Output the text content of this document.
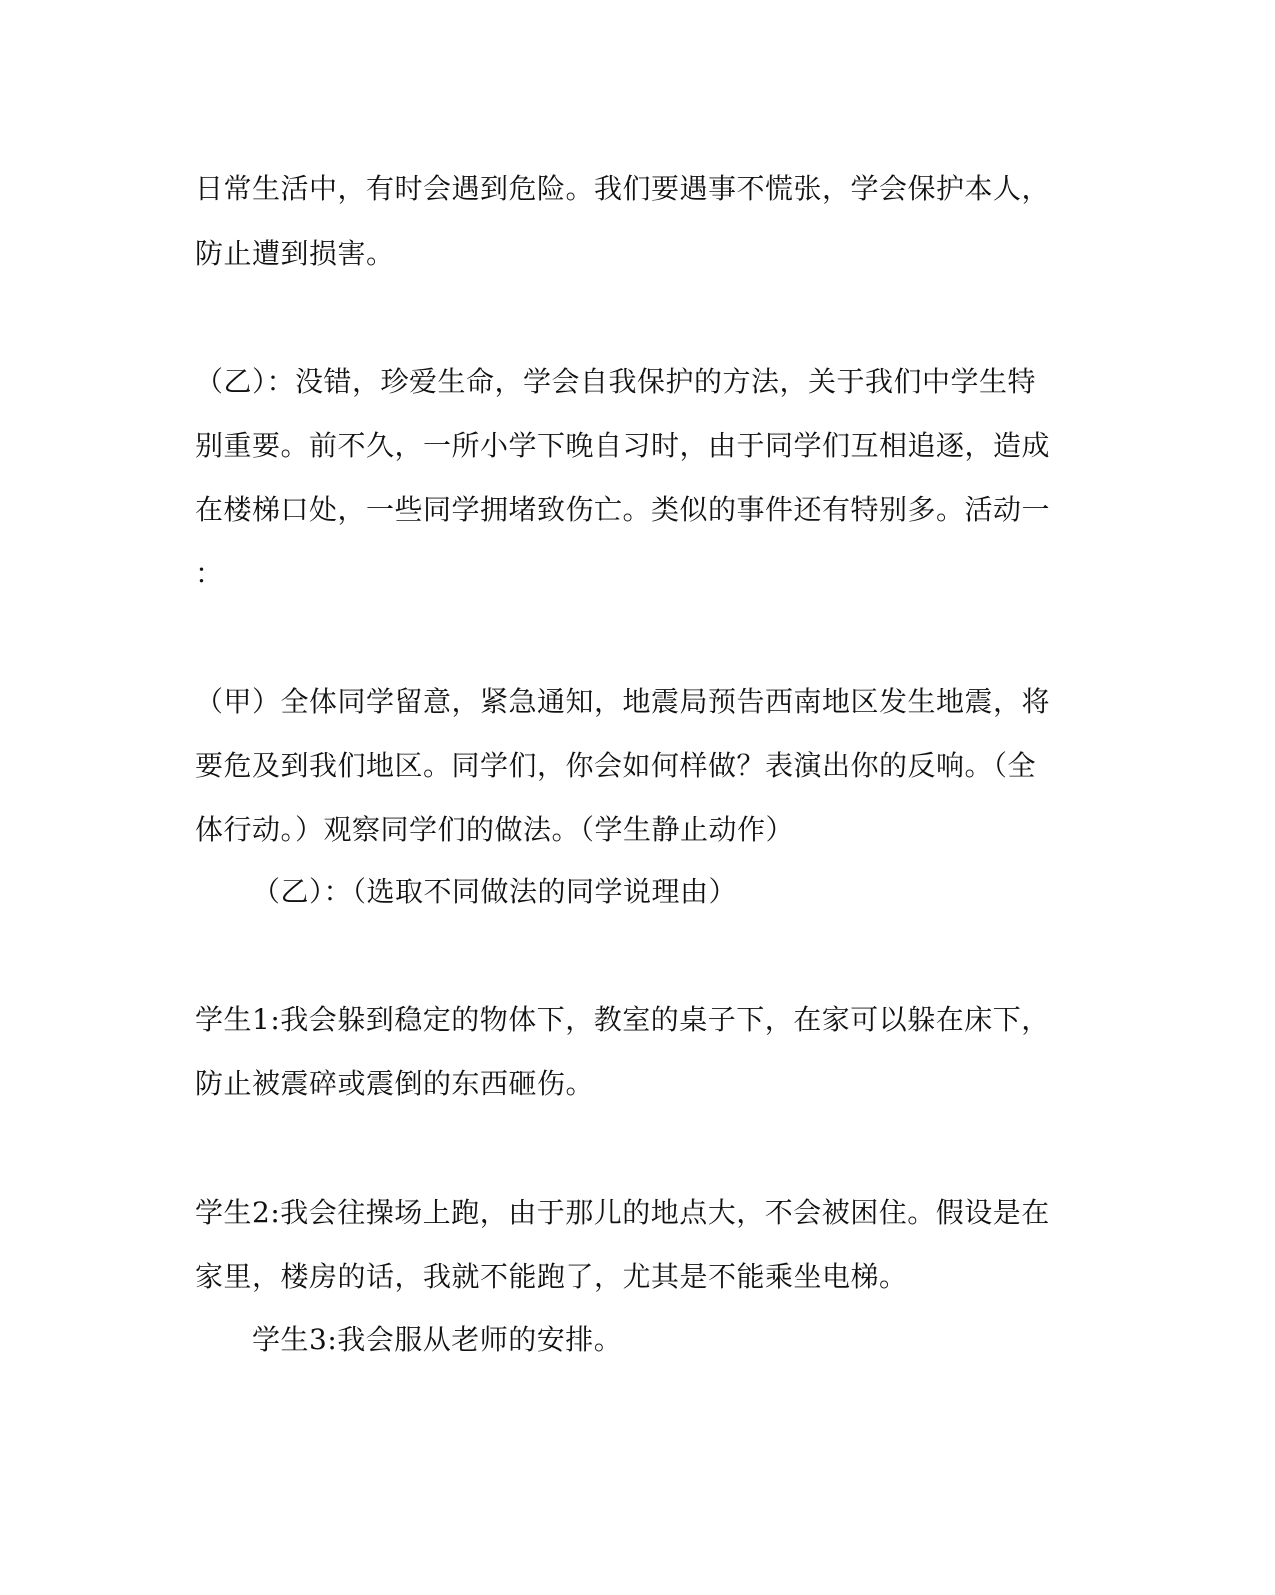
日常生活中，有时会遇到危险。我们要遇事不慌张，学会保护本人，
防止遭到损害。
（乙）：没错，珍爱生命，学会自我保护的方法，关于我们中学生特
别重要。前不久，一所小学下晚自习时，由于同学们互相追逐，造成
在楼梯口处，一些同学拥堵致伤亡。类似的事件还有特别多。活动一
：
（甲）全体同学留意，紧急通知，地震局预告西南地区发生地震，将
要危及到我们地区。同学们，你会如何样做？表演出你的反响。（全
体行动。）观察同学们的做法。（学生静止动作）
（乙）：（选取不同做法的同学说理由）
学生1:我会躲到稳定的物体下，教室的桌子下，在家可以躲在床下，
防止被震碎或震倒的东西砸伤。
学生2:我会往操场上跑，由于那儿的地点大，不会被困住。假设是在
家里，楼房的话，我就不能跑了，尤其是不能乘坐电梯。
学生3:我会服从老师的安排。
